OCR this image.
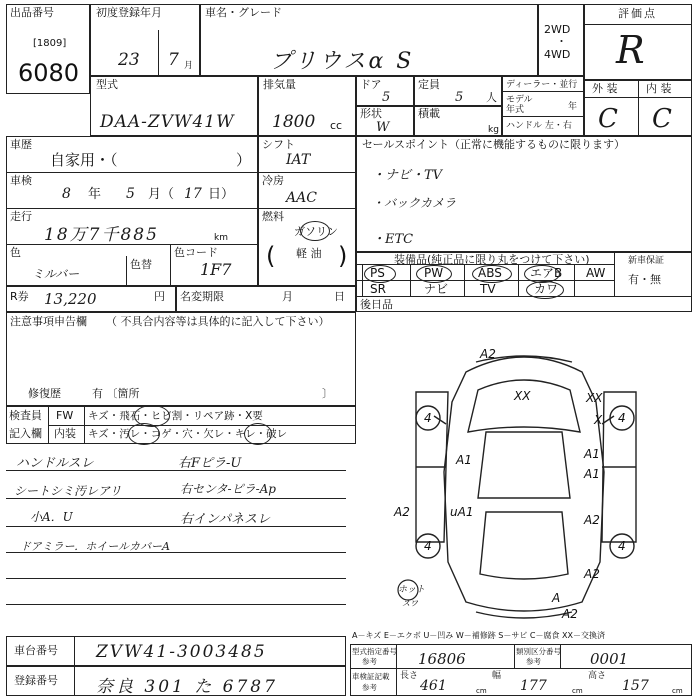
出品番号
[1809]
6080
初度登録年月
23 7 月
車名・グレード
プリウスα S
2WD
・
4WD
評価点
R
型式
DAA-ZVW41W
排気量
1800 cc
ドア
5
定員
5 人
形状
W
積載
kg
ディーラー・並行
モデル
年式	年
ハンドル 左・右
外 装	内 装
C C
車歴
自家用・（	）
車検
8 年 5 月（ 17 日）
走行
18万7千885	km
色
ミルバー
色替
色コード
1F7
シフト
IAT
冷房
AAC
燃料
ガソリン
軽 油
(	)
R券 13,220	円 名変期限	月	日
注意事項申告欄 （ 不具合内容等は具体的に記入して下さい）
修復歴	有 〔箇所	〕
セールスポイント（正常に機能するものに限ります）
・ナビ・TV
・バックカメラ
・ETC
装備品(純正品に限り丸をつけて下さい)	新車保証
有・無
後日品
PS	PW	ABS エアB AW
SR	ナビ	TV	カワ
検査員
記入欄
FW キズ・飛石・ヒビ割・リペア跡・X要
内装 キズ・汚レ・コゲ・穴・欠レ・キレ・破レ
ハンドルスレ
シートシミ汚レアリ
小A．U
ドアミラー．ホイールカバーA
右Fピラ-U
右センタ-ピラ-Ap
右インパネスレ
A2
XX	XX
X
4	4
4	4
A1	A1
A1
uA1
A2
A2
A2
A2
A
ホット
スワ
A－キズ E－エクボ U－凹み W－補修跡 S－サビ C－腐食 XX－交換済
車台番号 ZVW41-3003485
登録番号 奈良 301 た 6787
型式指定番号
参考	16806	類別区分番号
参考	0001
車検証記載
参考
長さ
461	cm
幅
177	cm
高さ
157	cm
